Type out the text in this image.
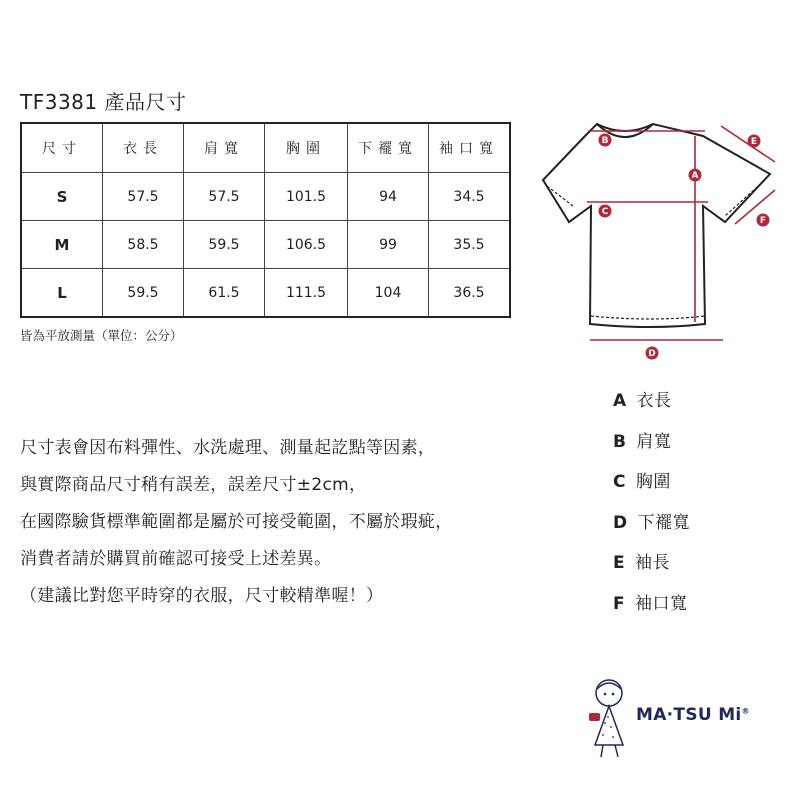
TF3381 產品尺寸
尺寸	衣長	肩寬	胸圍	下襬寬	袖口寬
S	57.5	57.5	101.5	94	34.5
M	58.5	59.5	106.5	99	35.5
L	59.5	61.5	111.5	104	36.5
皆為平放測量（單位：公分）
尺寸表會因布料彈性、水洗處理、測量起訖點等因素，
與實際商品尺寸稍有誤差，誤差尺寸±2cm，
在國際驗貨標準範圍都是屬於可接受範圍，不屬於瑕疵，
消費者請於購買前確認可接受上述差異。
（建議比對您平時穿的衣服，尺寸較精準喔！）
A
B
C
D
E
F
A 衣長
B 肩寬
C 胸圍
D 下襬寬
E 袖長
F 袖口寬
MA·TSU Mi®
